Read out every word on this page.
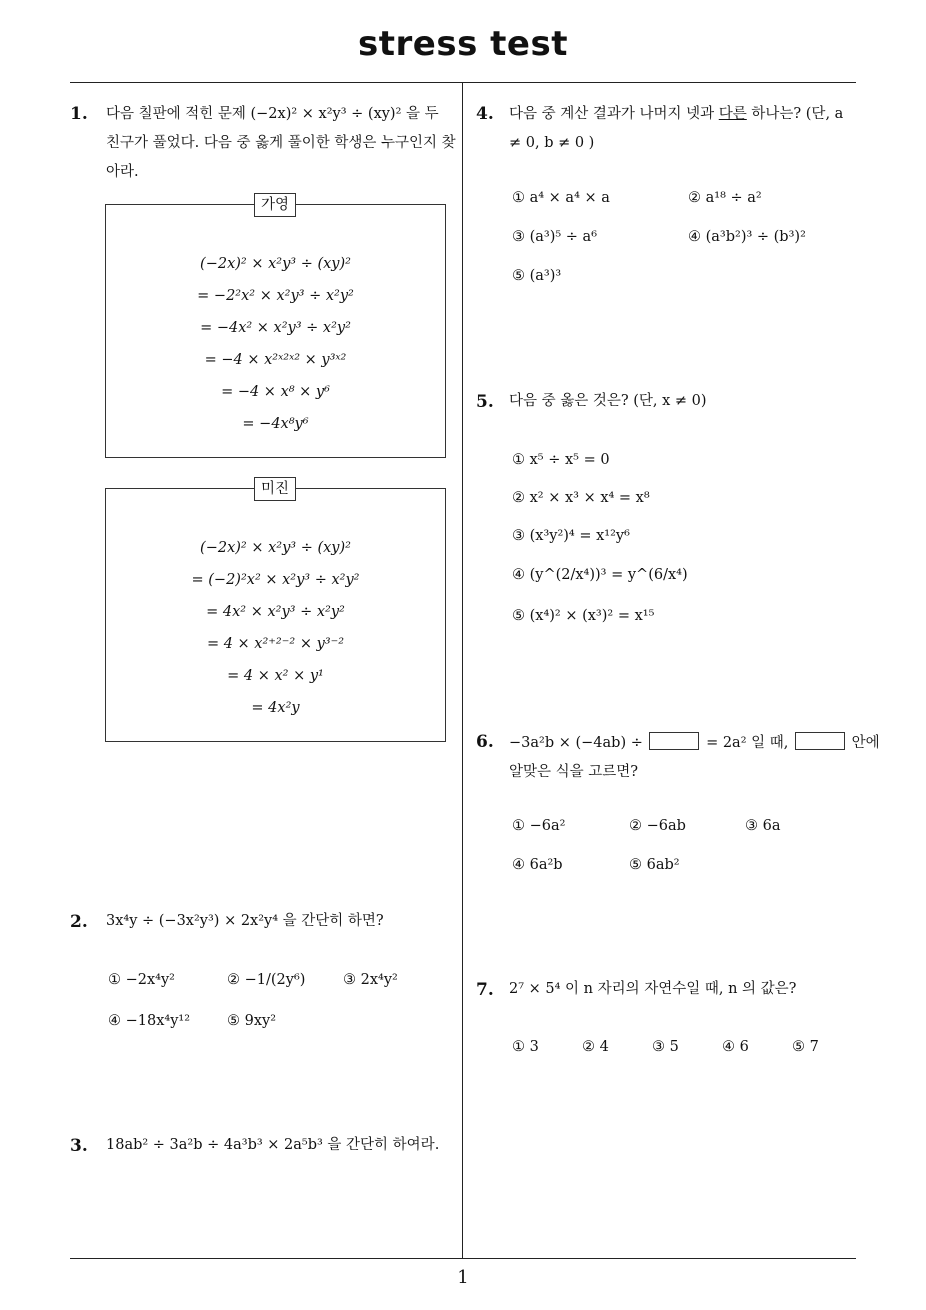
stress test
1. 다음 칠판에 적힌 문제 (−2x)² × x²y³ ÷ (xy)² 을 두 친구가 풀었다. 다음 중 옳게 풀이한 학생은 누구인지 찾아라.
가영
(−2x)² × x²y³ ÷ (xy)²
= −2²x² × x²y³ ÷ x²y²
= −4x² × x²y³ ÷ x²y²
= −4 × x²ˣ²ˣ² × y³ˣ²
= −4 × x⁸ × y⁶
= −4x⁸y⁶
미진
(−2x)² × x²y³ ÷ (xy)²
= (−2)²x² × x²y³ ÷ x²y²
= 4x² × x²y³ ÷ x²y²
= 4 × x²⁺²⁻² × y³⁻²
= 4 × x² × y¹
= 4x²y
2. 3x⁴y ÷ (−3x²y³) × 2x²y⁴ 을 간단히 하면?
① −2x⁴y²	② −1/(2y⁶)	③ 2x⁴y²
④ −18x⁴y¹²	⑤ 9xy²
3. 18ab² ÷ 3a²b ÷ 4a³b³ × 2a⁵b³ 을 간단히 하여라.
4. 다음 중 계산 결과가 나머지 넷과 다른 하나는? (단, a ≠ 0, b ≠ 0 )
① a⁴ × a⁴ × a	② a¹⁸ ÷ a²
③ (a³)⁵ ÷ a⁶	④ (a³b²)³ ÷ (b³)²
⑤ (a³)³
5. 다음 중 옳은 것은? (단, x ≠ 0)
① x⁵ ÷ x⁵ = 0
② x² × x³ × x⁴ = x⁸
③ (x³y²)⁴ = x¹²y⁶
④ (y^(2/x⁴))³ = y^(6/x⁴)
⑤ (x⁴)² × (x³)² = x¹⁵
6. −3a²b × (−4ab) ÷	= 2a² 일 때,	안에
알맞은 식을 고르면?
① −6a²	② −6ab	③ 6a
④ 6a²b	⑤ 6ab²
7. 2⁷ × 5⁴ 이 n 자리의 자연수일 때, n 의 값은?
① 3	② 4	③ 5	④ 6	⑤ 7
1
